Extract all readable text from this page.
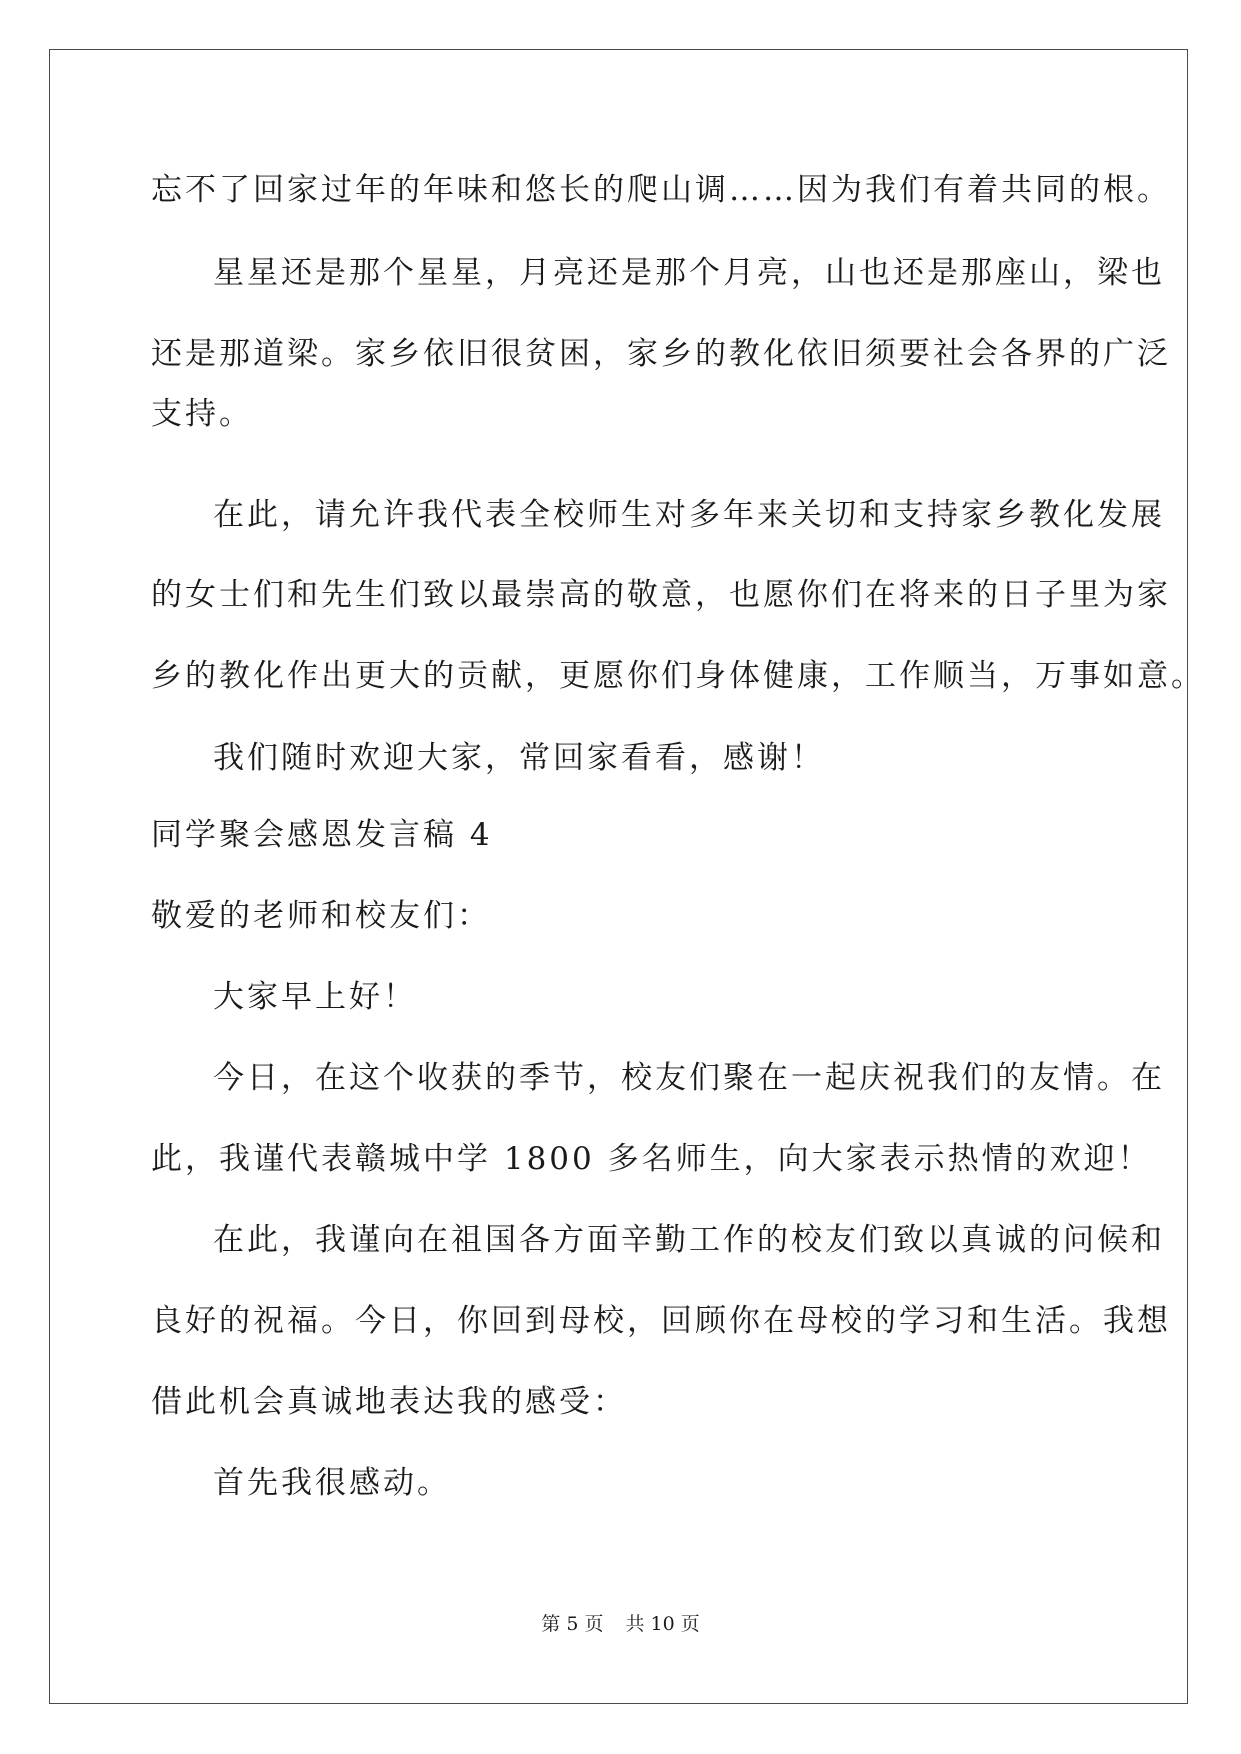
忘不了回家过年的年味和悠长的爬山调……因为我们有着共同的根。

星星还是那个星星，月亮还是那个月亮，山也还是那座山，梁也

还是那道梁。家乡依旧很贫困，家乡的教化依旧须要社会各界的广泛

支持。

在此，请允许我代表全校师生对多年来关切和支持家乡教化发展

的女士们和先生们致以最崇高的敬意，也愿你们在将来的日子里为家

乡的教化作出更大的贡献，更愿你们身体健康，工作顺当，万事如意。

我们随时欢迎大家，常回家看看，感谢！

同学聚会感恩发言稿 4

敬爱的老师和校友们：

大家早上好！

今日，在这个收获的季节，校友们聚在一起庆祝我们的友情。在

此，我谨代表赣城中学 1800 多名师生，向大家表示热情的欢迎！

在此，我谨向在祖国各方面辛勤工作的校友们致以真诚的问候和

良好的祝福。今日，你回到母校，回顾你在母校的学习和生活。我想

借此机会真诚地表达我的感受：

首先我很感动。

第 5 页 共 10 页
